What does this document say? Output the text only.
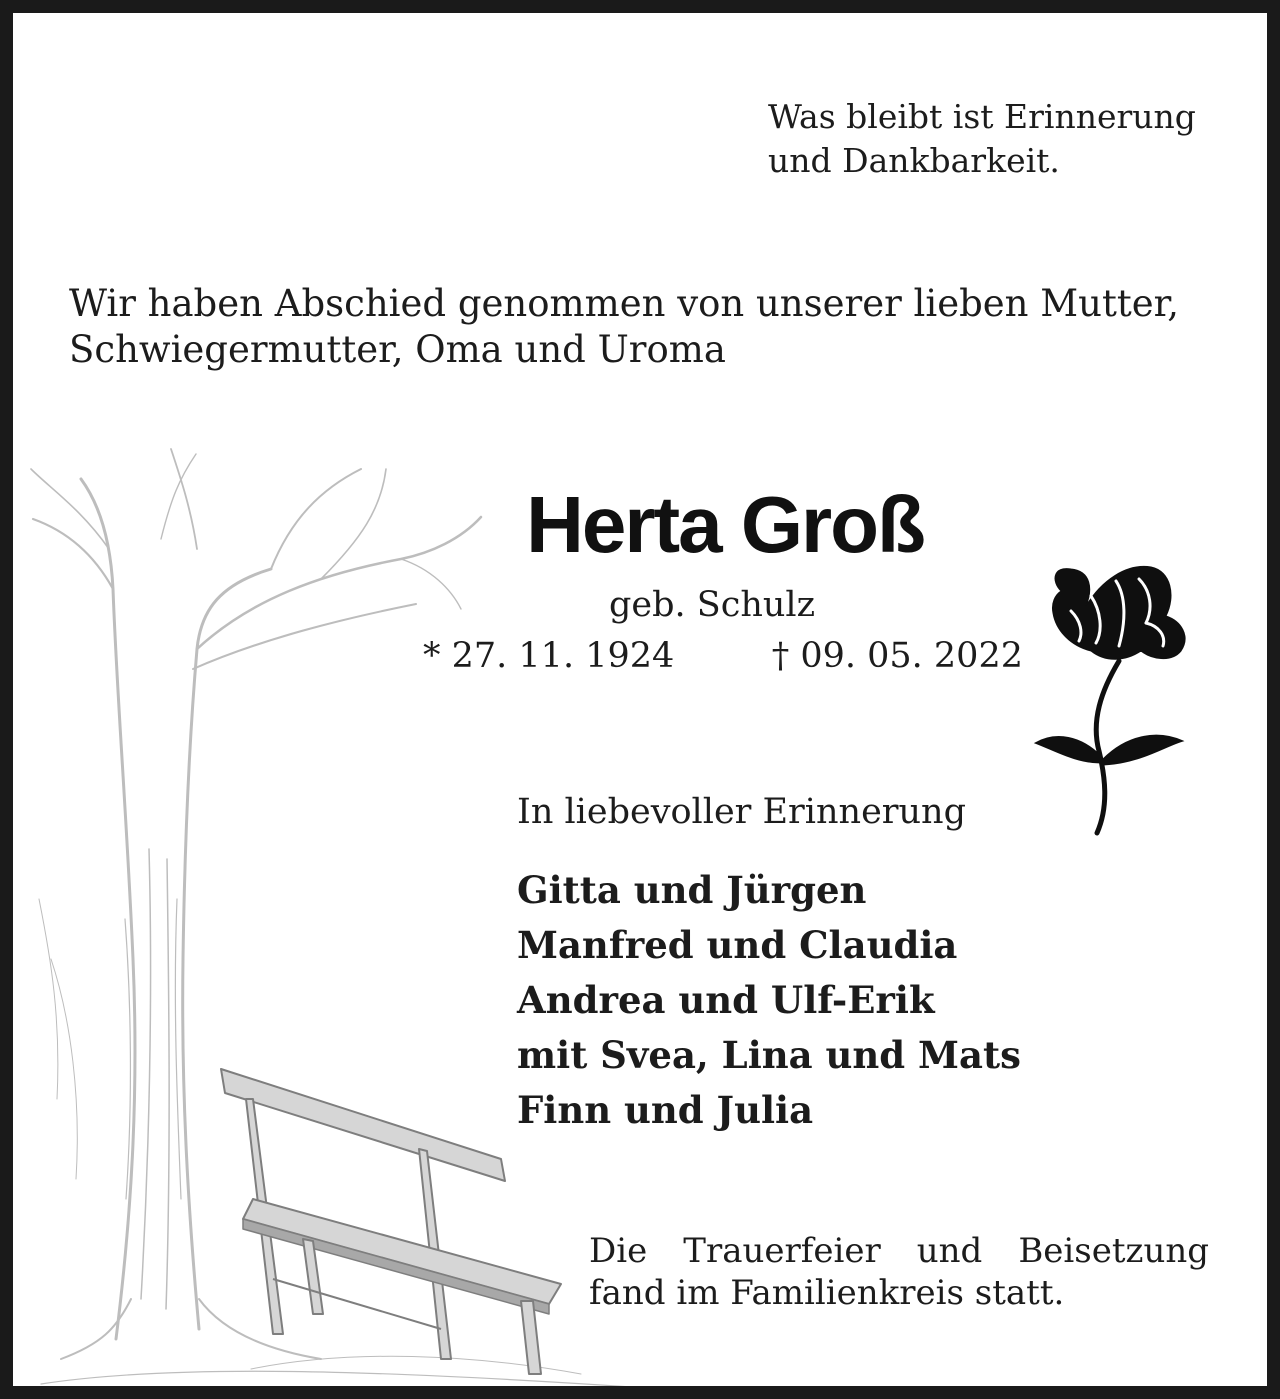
Was bleibt ist Erinnerung
und Dankbarkeit.
Wir haben Abschied genommen von unserer lieben Mutter,
Schwiegermutter, Oma und Uroma
Herta Groß
geb. Schulz
* 27. 11. 1924	† 09. 05. 2022
In liebevoller Erinnerung
Gitta und Jürgen
Manfred und Claudia
Andrea und Ulf-Erik
mit Svea, Lina und Mats
Finn und Julia
Die Trauerfeier und Beisetzung
fand im Familienkreis statt.
